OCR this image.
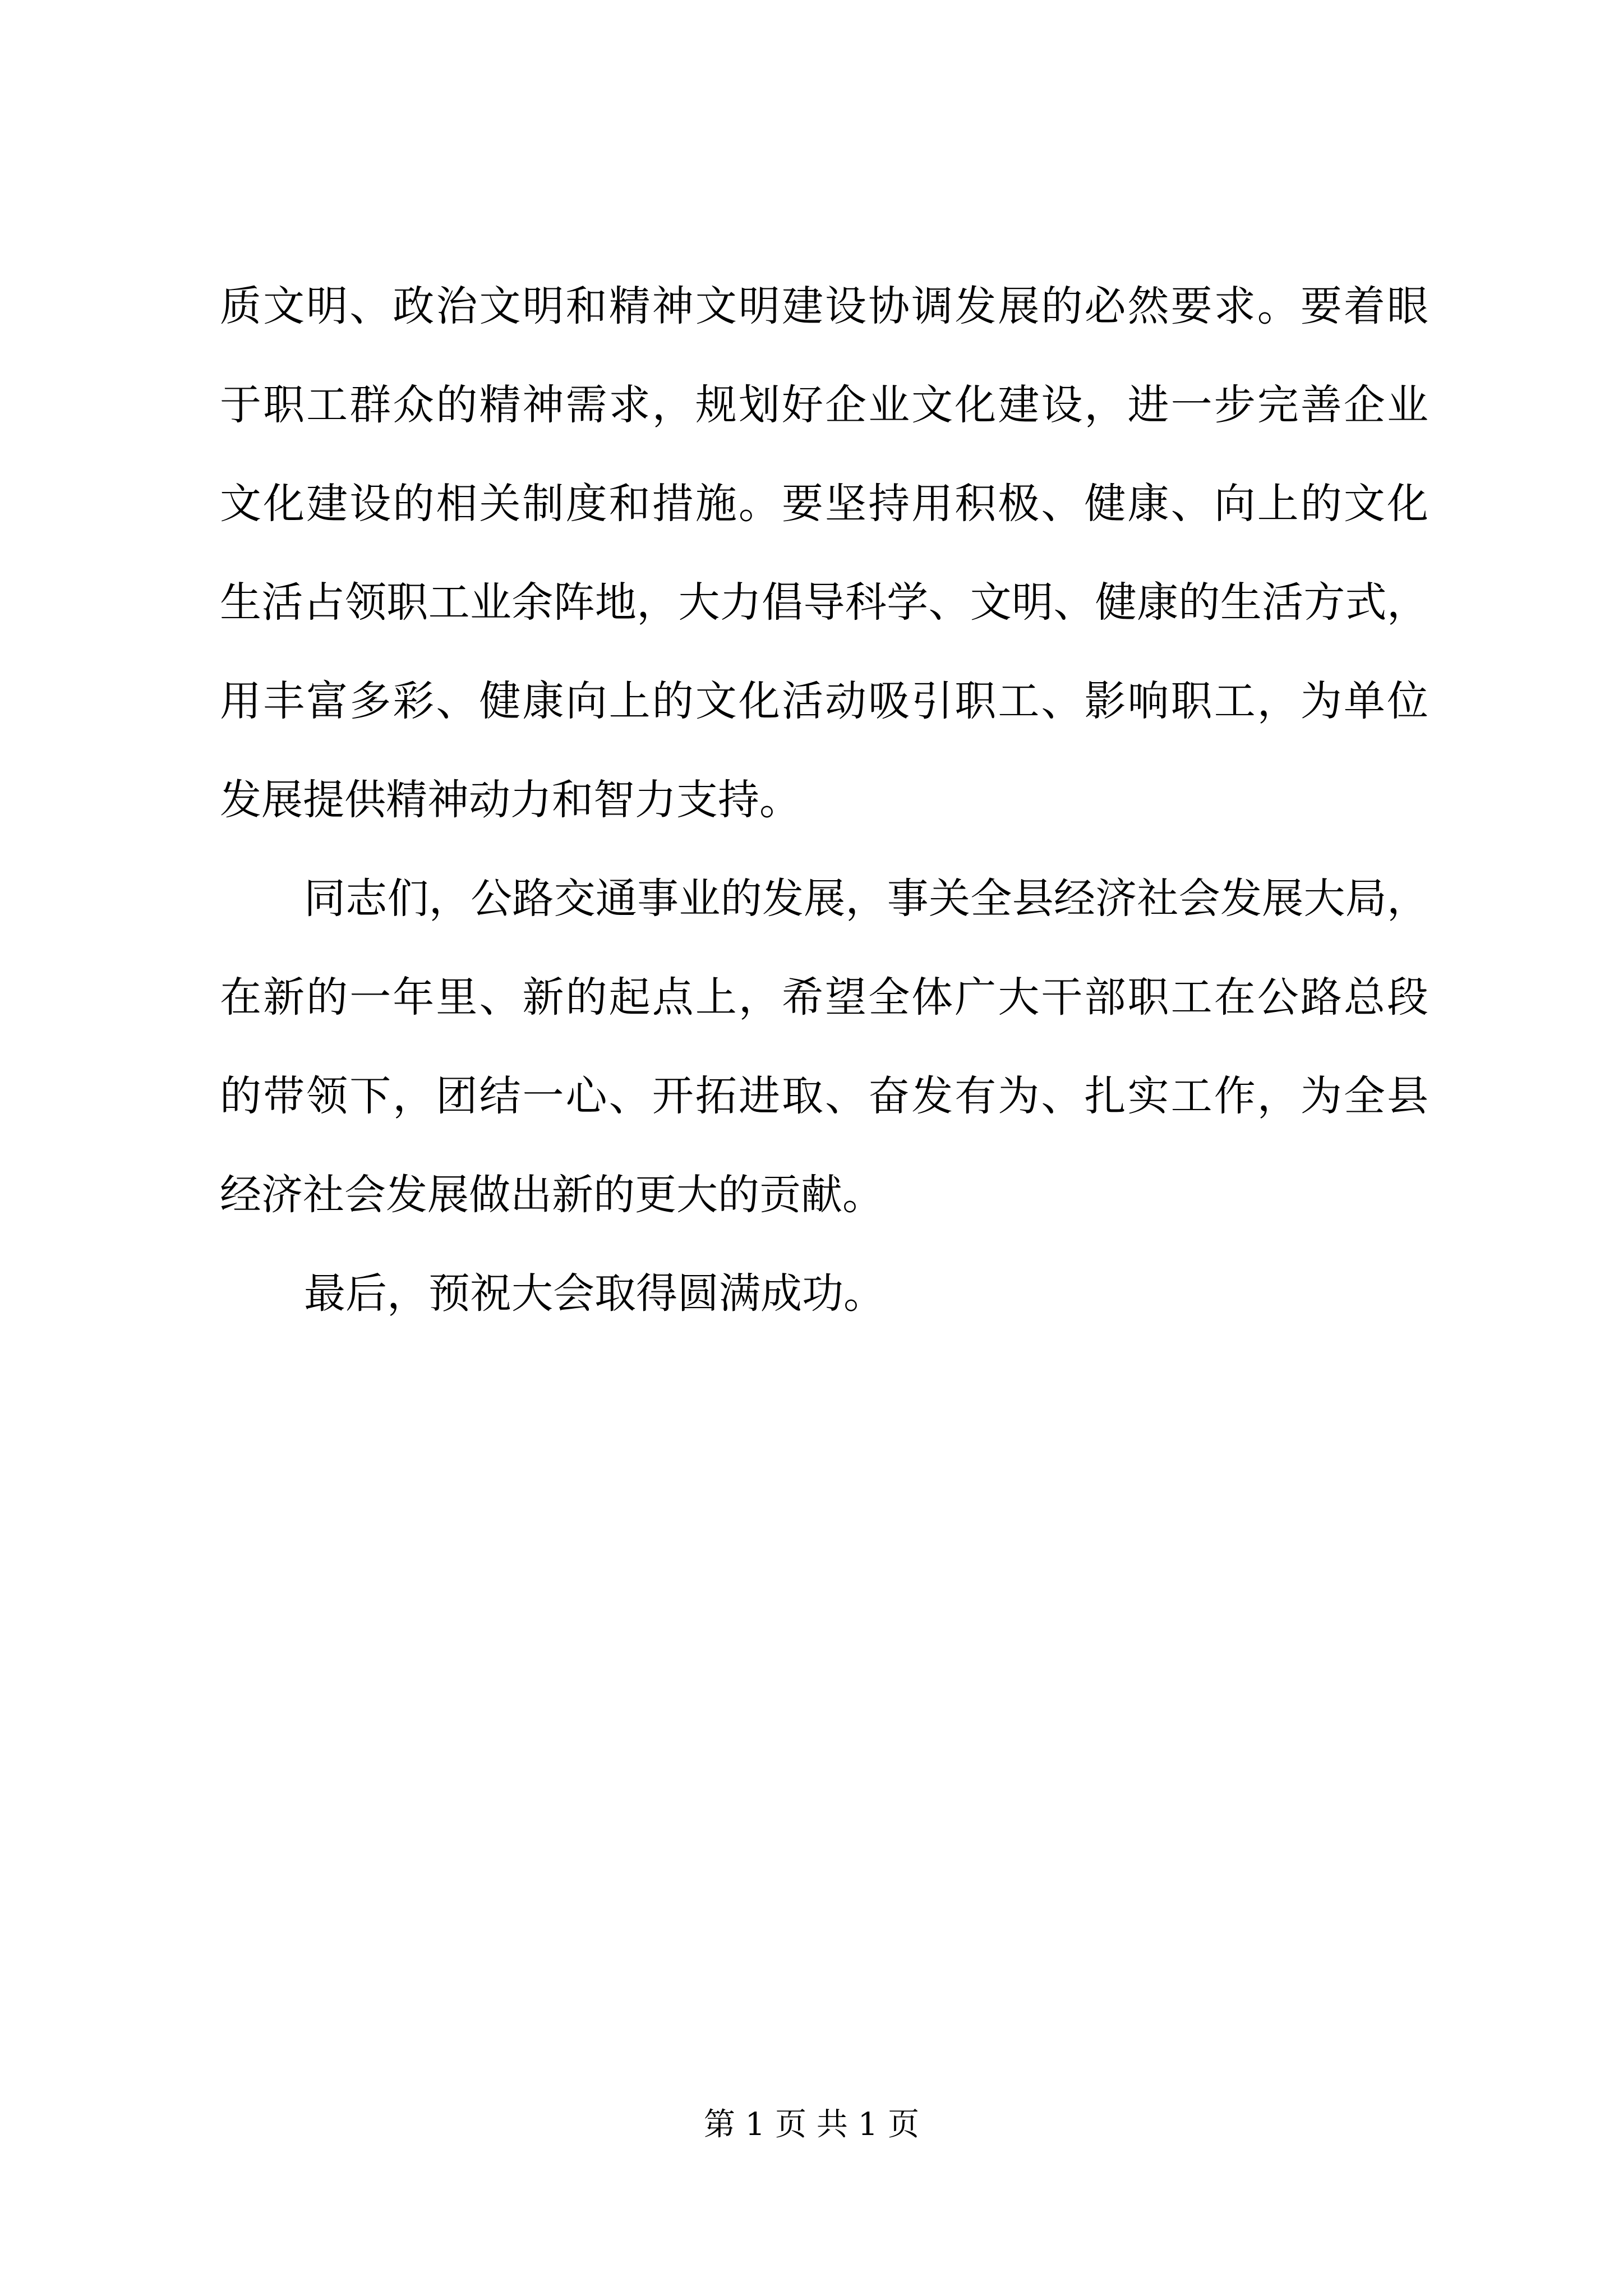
质文明、政治文明和精神文明建设协调发展的必然要求。要着眼
于职工群众的精神需求，规划好企业文化建设，进一步完善企业
文化建设的相关制度和措施。要坚持用积极、健康、向上的文化
生活占领职工业余阵地，大力倡导科学、文明、健康的生活方式，
用丰富多彩、健康向上的文化活动吸引职工、影响职工，为单位
发展提供精神动力和智力支持。
同志们，公路交通事业的发展，事关全县经济社会发展大局，
在新的一年里、新的起点上，希望全体广大干部职工在公路总段
的带领下，团结一心、开拓进取、奋发有为、扎实工作，为全县
经济社会发展做出新的更大的贡献。
最后，预祝大会取得圆满成功。
第 1 页 共 1 页
